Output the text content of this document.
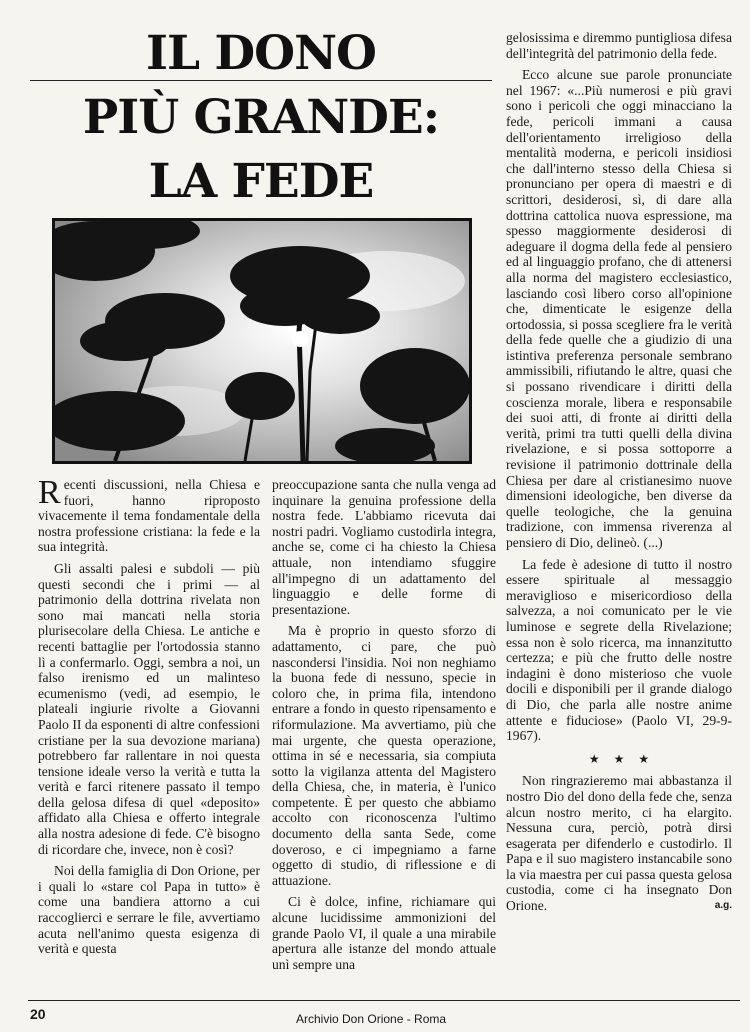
IL DONO
PIÙ GRANDE:
LA FEDE

Recenti discussioni, nella Chiesa e fuori, hanno riproposto vivacemente il tema fondamentale della nostra professione cristiana: la fede e la sua integrità.

Gli assalti palesi e subdoli — più questi secondi che i primi — al patrimonio della dottrina rivelata non sono mai mancati nella storia plurisecolare della Chiesa. Le antiche e recenti battaglie per l'ortodossia stanno lì a confermarlo. Oggi, sembra a noi, un falso irenismo ed un malinteso ecumenismo (vedi, ad esempio, le plateali ingiurie rivolte a Giovanni Paolo II da esponenti di altre confessioni cristiane per la sua devozione mariana) potrebbero far rallentare in noi questa tensione ideale verso la verità e tutta la verità e farci ritenere passato il tempo della gelosa difesa di quel «deposito» affidato alla Chiesa e offerto integrale alla nostra adesione di fede. C'è bisogno di ricordare che, invece, non è così?

Noi della famiglia di Don Orione, per i quali lo «stare col Papa in tutto» è come una bandiera attorno a cui raccoglierci e serrare le file, avvertiamo acuta nell'animo questa esigenza di verità e questa

preoccupazione santa che nulla venga ad inquinare la genuina professione della nostra fede. L'abbiamo ricevuta dai nostri padri. Vogliamo custodirla integra, anche se, come ci ha chiesto la Chiesa attuale, non intendiamo sfuggire all'impegno di un adattamento del linguaggio e delle forme di presentazione.

Ma è proprio in questo sforzo di adattamento, ci pare, che può nascondersi l'insidia. Noi non neghiamo la buona fede di nessuno, specie in coloro che, in prima fila, intendono entrare a fondo in questo ripensamento e riformulazione. Ma avvertiamo, più che mai urgente, che questa operazione, ottima in sé e necessaria, sia compiuta sotto la vigilanza attenta del Magistero della Chiesa, che, in materia, è l'unico competente. È per questo che abbiamo accolto con riconoscenza l'ultimo documento della santa Sede, come doveroso, e ci impegniamo a farne oggetto di studio, di riflessione e di attuazione.

Ci è dolce, infine, richiamare qui alcune lucidissime ammonizioni del grande Paolo VI, il quale a una mirabile apertura alle istanze del mondo attuale unì sempre una

gelosissima e diremmo puntigliosa difesa dell'integrità del patrimonio della fede.

Ecco alcune sue parole pronunciate nel 1967: «...Più numerosi e più gravi sono i pericoli che oggi minacciano la fede, pericoli immani a causa dell'orientamento irreligioso della mentalità moderna, e pericoli insidiosi che dall'interno stesso della Chiesa si pronunciano per opera di maestri e di scrittori, desiderosi, sì, di dare alla dottrina cattolica nuova espressione, ma spesso maggiormente desiderosi di adeguare il dogma della fede al pensiero ed al linguaggio profano, che di attenersi alla norma del magistero ecclesiastico, lasciando così libero corso all'opinione che, dimenticate le esigenze della ortodossia, si possa scegliere fra le verità della fede quelle che a giudizio di una istintiva preferenza personale sembrano ammissibili, rifiutando le altre, quasi che si possano rivendicare i diritti della coscienza morale, libera e responsabile dei suoi atti, di fronte ai diritti della verità, primi tra tutti quelli della divina rivelazione, e si possa sottoporre a revisione il patrimonio dottrinale della Chiesa per dare al cristianesimo nuove dimensioni ideologiche, ben diverse da quelle teologiche, che la genuina tradizione, con immensa riverenza al pensiero di Dio, delineò. (...)

La fede è adesione di tutto il nostro essere spirituale al messaggio meraviglioso e misericordioso della salvezza, a noi comunicato per le vie luminose e segrete della Rivelazione; essa non è solo ricerca, ma innanzitutto certezza; e più che frutto delle nostre indagini è dono misterioso che vuole docili e disponibili per il grande dialogo di Dio, che parla alle nostre anime attente e fiduciose» (Paolo VI, 29-9-1967).

★★★

Non ringrazieremo mai abbastanza il nostro Dio del dono della fede che, senza alcun nostro merito, ci ha elargito. Nessuna cura, perciò, potrà dirsi esagerata per difenderlo e custodirlo. Il Papa e il suo magistero instancabile sono la via maestra per cui passa questa gelosa custodia, come ci ha insegnato Don Orione.	a.g.

20	Archivio Don Orione - Roma
